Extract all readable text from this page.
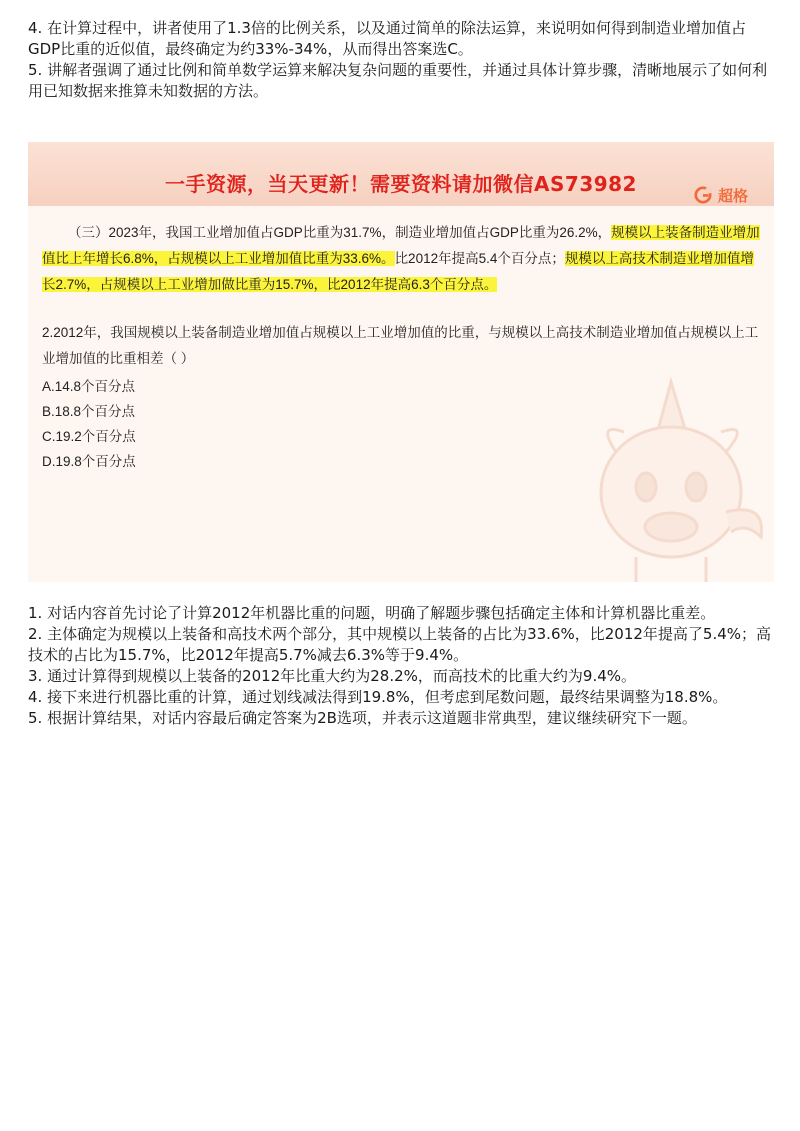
4. 在计算过程中，讲者使用了1.3倍的比例关系，以及通过简单的除法运算，来说明如何得到制造业增加值占GDP比重的近似值，最终确定为约33%-34%，从而得出答案选C。

5. 讲解者强调了通过比例和简单数学运算来解决复杂问题的重要性，并通过具体计算步骤，清晰地展示了如何利用已知数据来推算未知数据的方法。

一手资源，当天更新！需要资料请加微信AS73982	超格
（三）2023年，我国工业增加值占GDP比重为31.7%，制造业增加值占GDP比重为26.2%，规模以上装备制造业增加值比上年增长6.8%，占规模以上工业增加值比重为33.6%。比2012年提高5.4个百分点；规模以上高技术制造业增加值增长2.7%，占规模以上工业增加做比重为15.7%，比2012年提高6.3个百分点。
2.2012年，我国规模以上装备制造业增加值占规模以上工业增加值的比重，与规模以上高技术制造业增加值占规模以上工业增加值的比重相差（ ）
A.14.8个百分点
B.18.8个百分点
C.19.2个百分点
D.19.8个百分点

1. 对话内容首先讨论了计算2012年机器比重的问题，明确了解题步骤包括确定主体和计算机器比重差。

2. 主体确定为规模以上装备和高技术两个部分，其中规模以上装备的占比为33.6%，比2012年提高了5.4%；高技术的占比为15.7%，比2012年提高5.7%减去6.3%等于9.4%。

3. 通过计算得到规模以上装备的2012年比重大约为28.2%，而高技术的比重大约为9.4%。

4. 接下来进行机器比重的计算，通过划线减法得到19.8%，但考虑到尾数问题，最终结果调整为18.8%。

5. 根据计算结果，对话内容最后确定答案为2B选项，并表示这道题非常典型，建议继续研究下一题。
